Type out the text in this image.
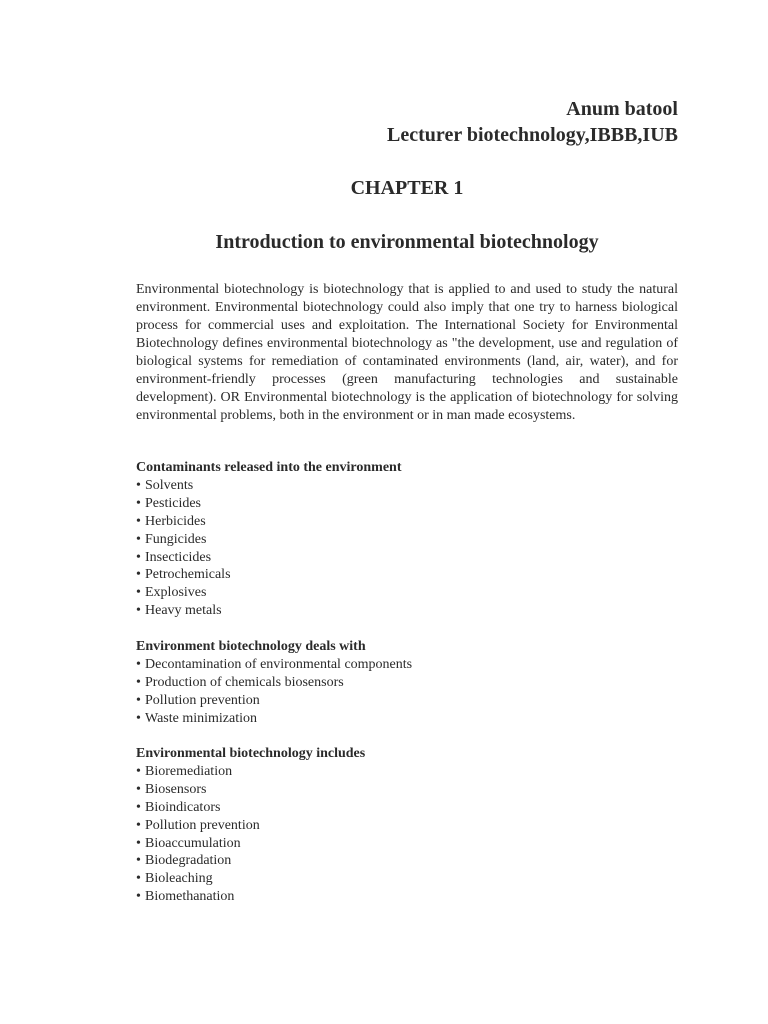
Anum batool
Lecturer biotechnology,IBBB,IUB
CHAPTER 1
Introduction to environmental biotechnology

Environmental biotechnology is biotechnology that is applied to and used to study the natural environment. Environmental biotechnology could also imply that one try to harness biological process for commercial uses and exploitation. The International Society for Environmental Biotechnology defines environmental biotechnology as "the development, use and regulation of biological systems for remediation of contaminated environments (land, air, water), and for environment-friendly processes (green manufacturing technologies and sustainable development). OR Environmental biotechnology is the application of biotechnology for solving environmental problems, both in the environment or in man made ecosystems.

Contaminants released into the environment
• Solvents
• Pesticides
• Herbicides
• Fungicides
• Insecticides
• Petrochemicals
• Explosives
• Heavy metals
Environment biotechnology deals with
• Decontamination of environmental components
• Production of chemicals biosensors
• Pollution prevention
• Waste minimization
Environmental biotechnology includes
• Bioremediation
• Biosensors
• Bioindicators
• Pollution prevention
• Bioaccumulation
• Biodegradation
• Bioleaching
• Biomethanation
